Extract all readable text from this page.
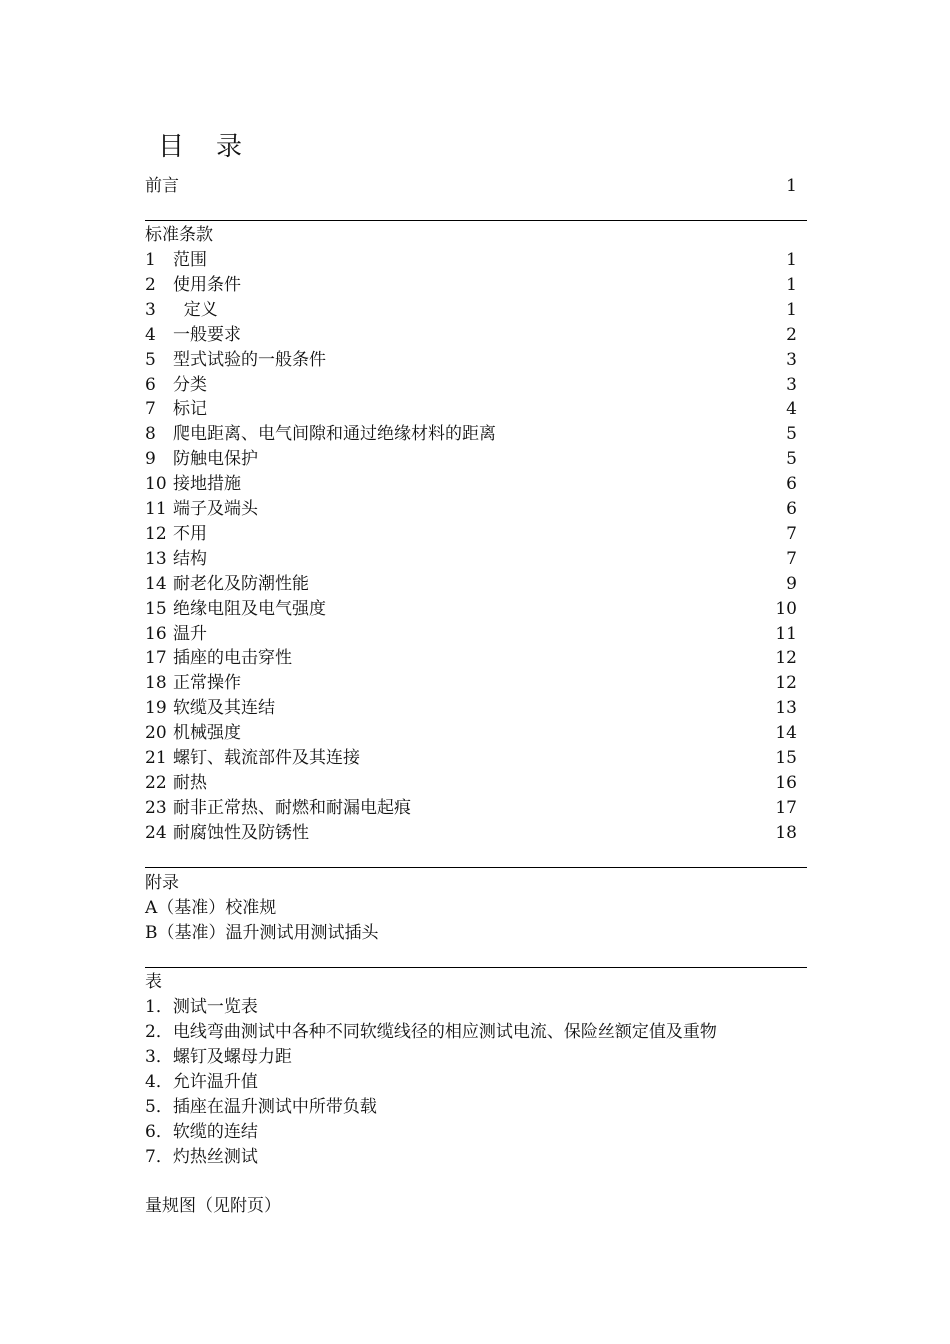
目 录
前言	1
标准条款
1 范围	1
2 使用条件	1
3  定义	1
4 一般要求	2
5 型式试验的一般条件	3
6 分类	3
7 标记	4
8 爬电距离、电气间隙和通过绝缘材料的距离	5
9 防触电保护	5
10 接地措施	6
11 端子及端头	6
12 不用	7
13 结构	7
14 耐老化及防潮性能	9
15 绝缘电阻及电气强度	10
16 温升	11
17 插座的电击穿性	12
18 正常操作	12
19 软缆及其连结	13
20 机械强度	14
21 螺钉、载流部件及其连接	15
22 耐热	16
23 耐非正常热、耐燃和耐漏电起痕	17
24 耐腐蚀性及防锈性	18
附录
A（基准）校准规
B（基准）温升测试用测试插头
表
1．测试一览表
2．电线弯曲测试中各种不同软缆线径的相应测试电流、保险丝额定值及重物
3．螺钉及螺母力距
4．允许温升值
5．插座在温升测试中所带负载
6．软缆的连结
7．灼热丝测试
量规图（见附页）
